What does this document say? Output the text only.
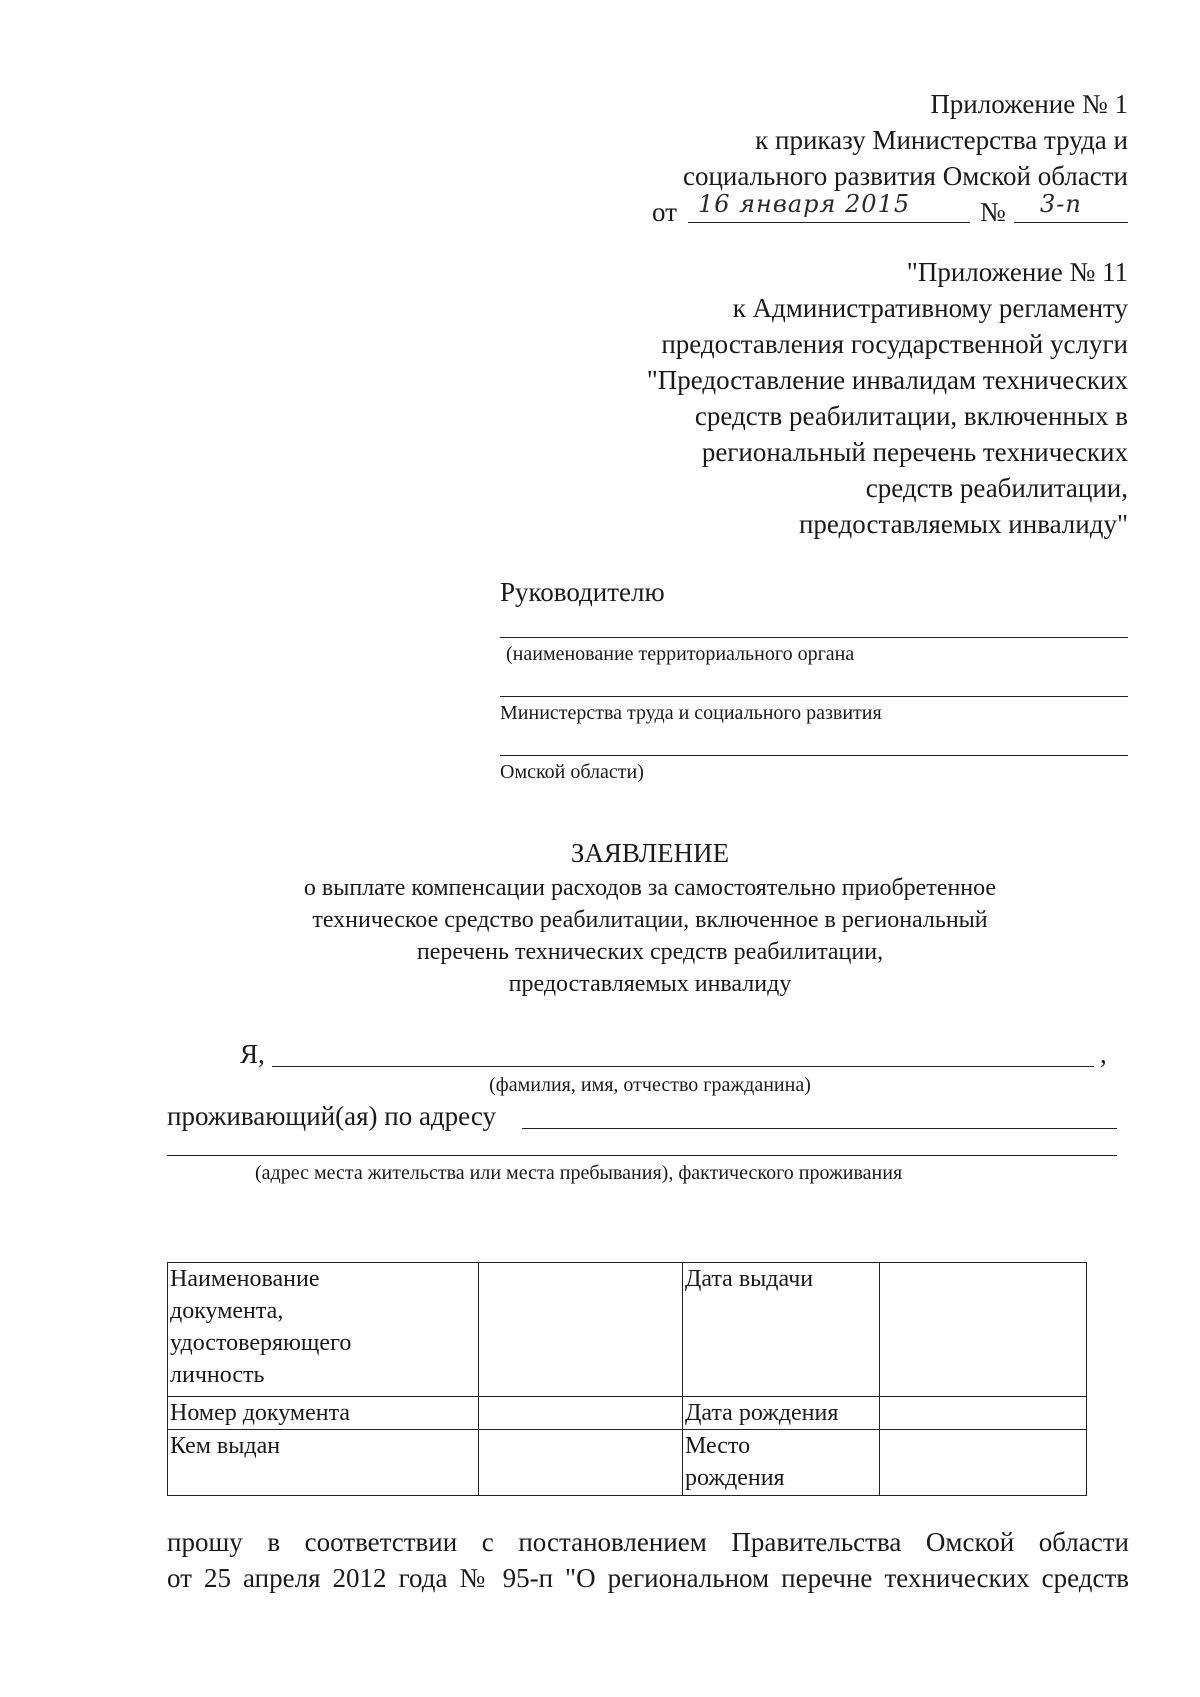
Приложение № 1
к приказу Министерства труда и
социального развития Омской области
от 16 января 2015	№ 3-п
"Приложение № 11
к Административному регламенту
предоставления государственной услуги
"Предоставление инвалидам технических
средств реабилитации, включенных в
региональный перечень технических
средств реабилитации,
предоставляемых инвалиду"
Руководителю
(наименование территориального органа
Министерства труда и социального развития
Омской области)
ЗАЯВЛЕНИЕ
о выплате компенсации расходов за самостоятельно приобретенное
техническое средство реабилитации, включенное в региональный
перечень технических средств реабилитации,
предоставляемых инвалиду
Я,	,
(фамилия, имя, отчество гражданина)
проживающий(ая) по адресу
(адрес места жительства или места пребывания), фактического проживания
Наименование
документа,
удостоверяющего
личность		Дата выдачи	
Номер документа		Дата рождения	
Кем выдан		Место
рождения	

прошу в соответствии с постановлением Правительства Омской области
от 25 апреля 2012 года № 95-п "О региональном перечне технических средств
